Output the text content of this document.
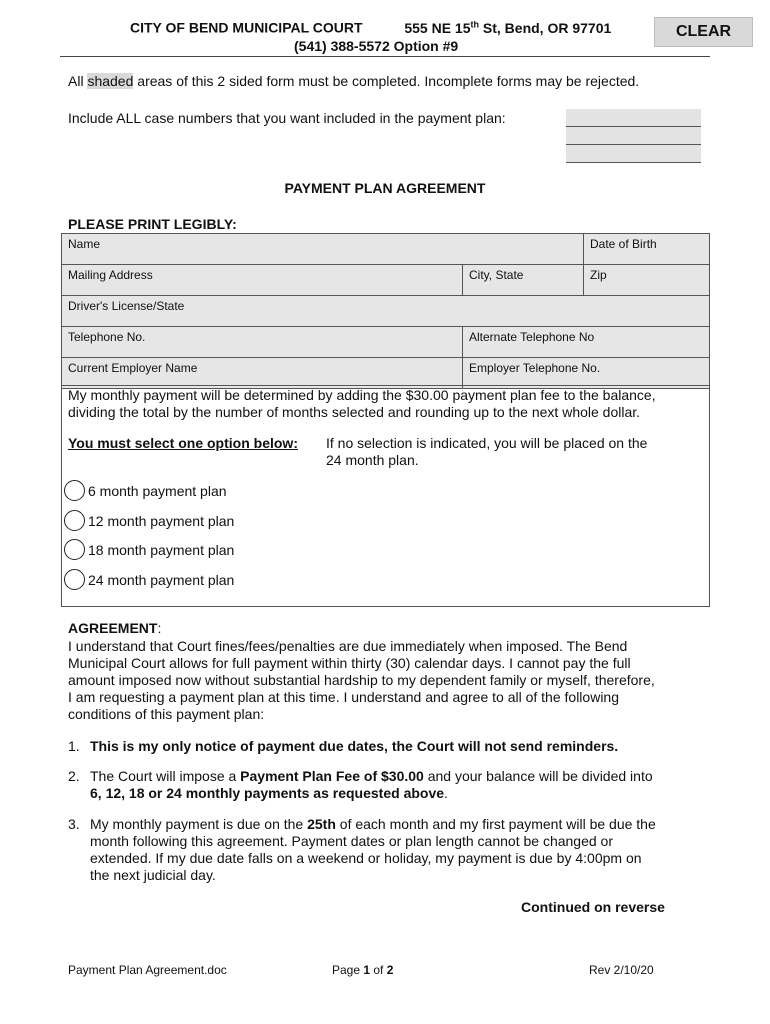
CITY OF BEND MUNICIPAL COURT	555 NE 15th St, Bend, OR 97701
(541) 388-5572 Option #9
CLEAR
All shaded areas of this 2 sided form must be completed. Incomplete forms may be rejected.
Include ALL case numbers that you want included in the payment plan:
PAYMENT PLAN AGREEMENT
PLEASE PRINT LEGIBLY:
Name		Date of Birth
Mailing Address	City, State	Zip
Driver's License/State		
Telephone No.	Alternate Telephone No	
Current Employer Name	Employer Telephone No.	
My monthly payment will be determined by adding the $30.00 payment plan fee to the balance,
dividing the total by the number of months selected and rounding up to the next whole dollar.
You must select one option below: If no selection is indicated, you will be placed on the
24 month plan.
6 month payment plan
12 month payment plan
18 month payment plan
24 month payment plan
AGREEMENT:
I understand that Court fines/fees/penalties are due immediately when imposed. The Bend
Municipal Court allows for full payment within thirty (30) calendar days. I cannot pay the full
amount imposed now without substantial hardship to my dependent family or myself, therefore,
I am requesting a payment plan at this time. I understand and agree to all of the following
conditions of this payment plan:
1. This is my only notice of payment due dates, the Court will not send reminders.
2. The Court will impose a Payment Plan Fee of $30.00 and your balance will be divided into
6, 12, 18 or 24 monthly payments as requested above.
3. My monthly payment is due on the 25th of each month and my first payment will be due the
month following this agreement. Payment dates or plan length cannot be changed or
extended. If my due date falls on a weekend or holiday, my payment is due by 4:00pm on
the next judicial day.
Continued on reverse
Payment Plan Agreement.doc	Page 1 of 2	Rev 2/10/20
